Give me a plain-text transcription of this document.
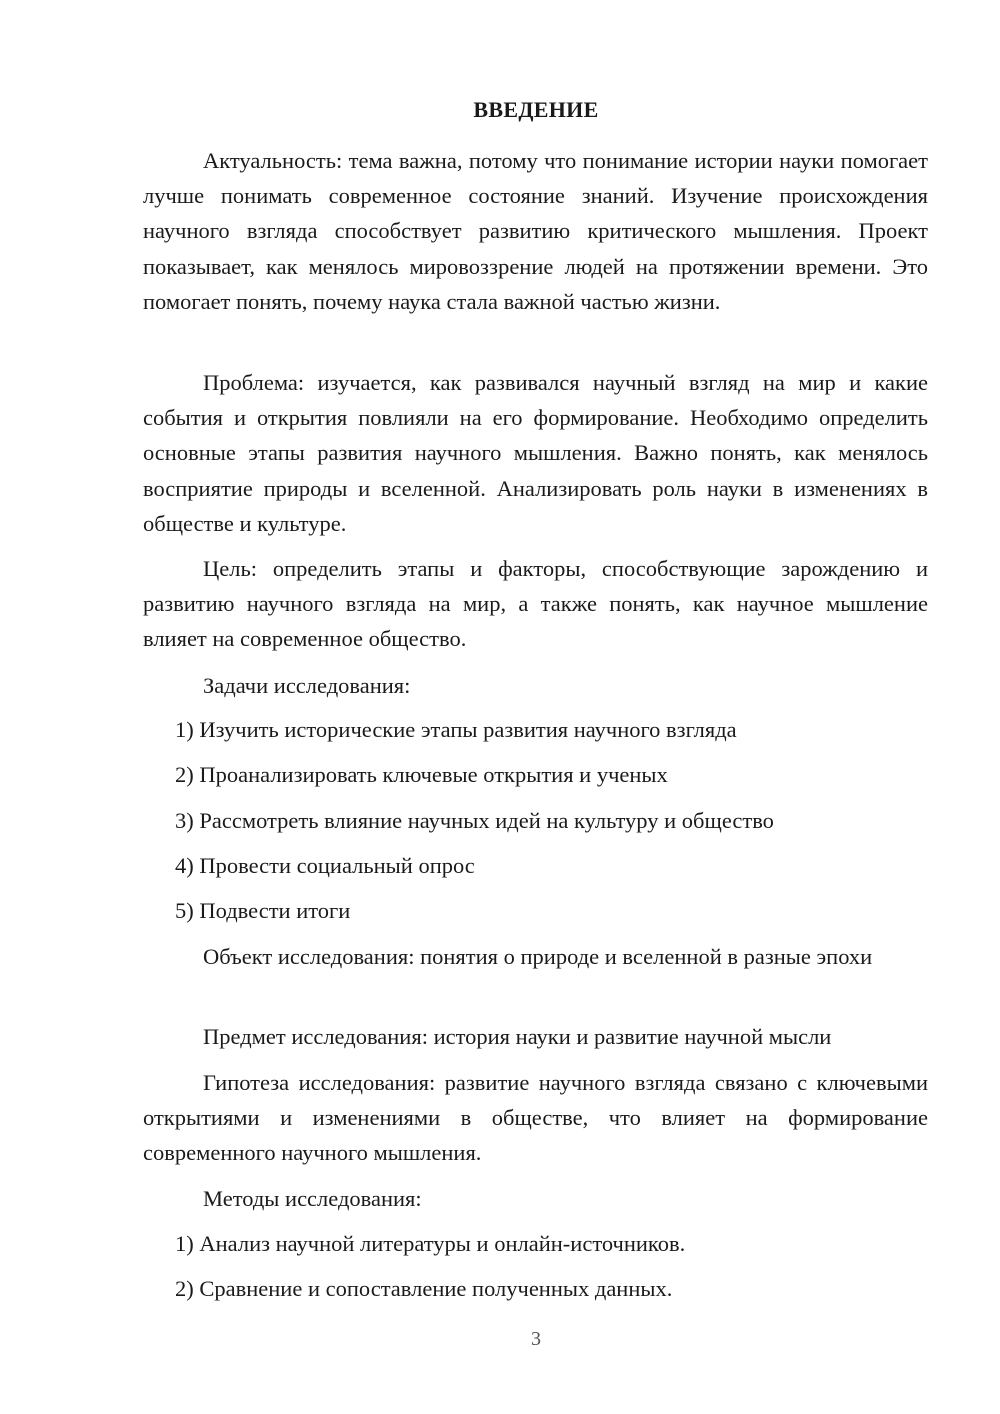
ВВЕДЕНИЕ

Актуальность: тема важна, потому что понимание истории науки помогает лучше понимать современное состояние знаний. Изучение происхождения научного взгляда способствует развитию критического мышления. Проект показывает, как менялось мировоззрение людей на протяжении времени. Это помогает понять, почему наука стала важной частью жизни.

Проблема: изучается, как развивался научный взгляд на мир и какие события и открытия повлияли на его формирование. Необходимо определить основные этапы развития научного мышления. Важно понять, как менялось восприятие природы и вселенной. Анализировать роль науки в изменениях в обществе и культуре.

Цель: определить этапы и факторы, способствующие зарождению и развитию научного взгляда на мир, а также понять, как научное мышление влияет на современное общество.

Задачи исследования:
1) Изучить исторические этапы развития научного взгляда
2) Проанализировать ключевые открытия и ученых
3) Рассмотреть влияние научных идей на культуру и общество
4) Провести социальный опрос
5) Подвести итоги

Объект исследования: понятия о природе и вселенной в разные эпохи

Предмет исследования: история науки и развитие научной мысли

Гипотеза исследования: развитие научного взгляда связано с ключевыми открытиями и изменениями в обществе, что влияет на формирование современного научного мышления.

Методы исследования:
1) Анализ научной литературы и онлайн-источников.
2) Сравнение и сопоставление полученных данных.
3
